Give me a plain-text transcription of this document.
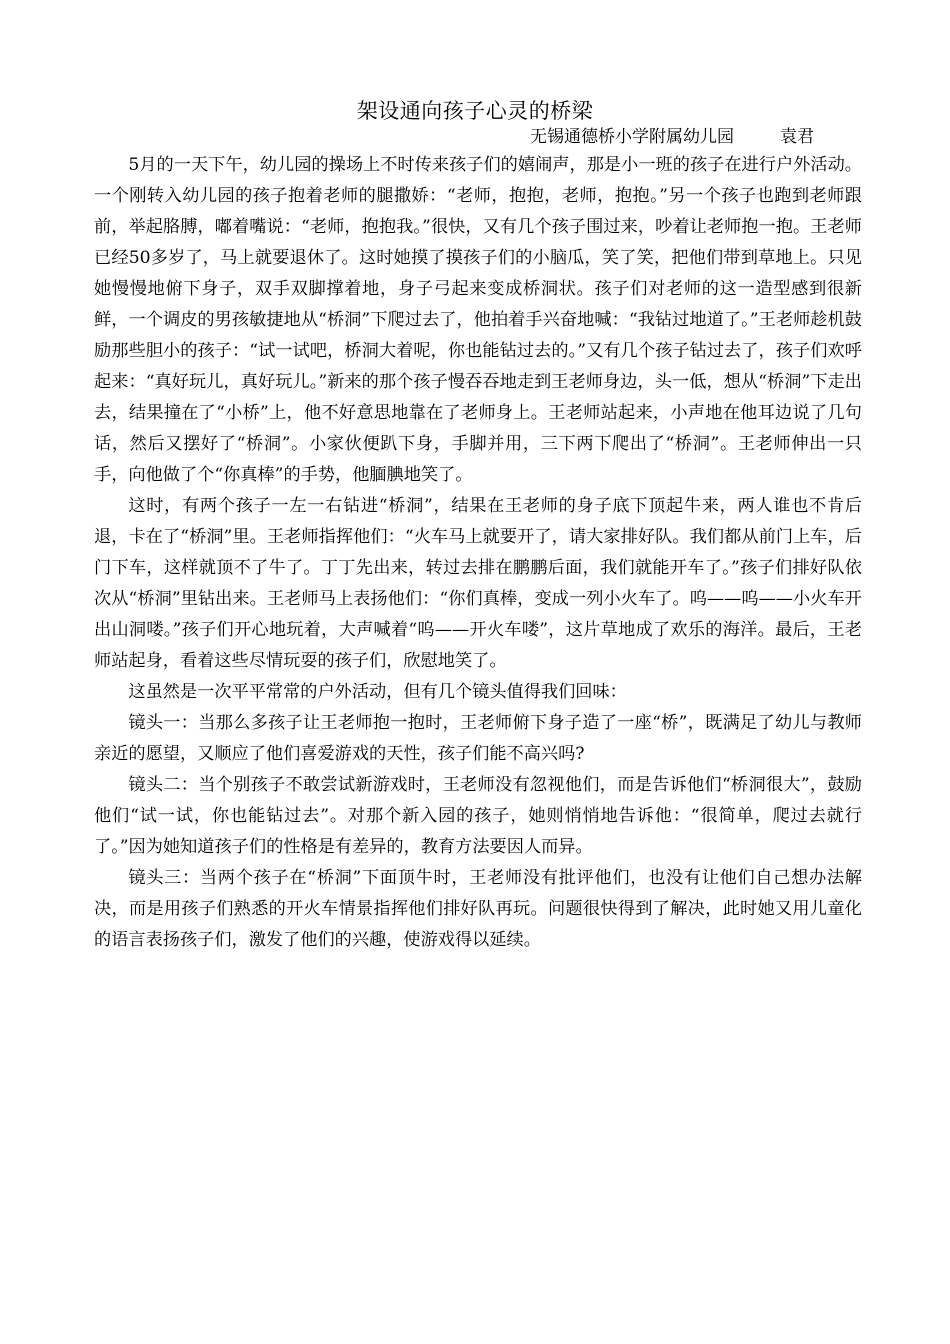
架设通向孩子心灵的桥梁
无锡通德桥小学附属幼儿园	袁君

5月的一天下午，幼儿园的操场上不时传来孩子们的嬉闹声，那是小一班的孩子在进行户外活动。一个刚转入幼儿园的孩子抱着老师的腿撒娇：“老师，抱抱，老师，抱抱。”另一个孩子也跑到老师跟前，举起胳膊，嘟着嘴说：“老师，抱抱我。”很快，又有几个孩子围过来，吵着让老师抱一抱。王老师已经50多岁了，马上就要退休了。这时她摸了摸孩子们的小脑瓜，笑了笑，把他们带到草地上。只见她慢慢地俯下身子，双手双脚撑着地，身子弓起来变成桥洞状。孩子们对老师的这一造型感到很新鲜，一个调皮的男孩敏捷地从“桥洞”下爬过去了，他拍着手兴奋地喊：“我钻过地道了。”王老师趁机鼓励那些胆小的孩子：“试一试吧，桥洞大着呢，你也能钻过去的。”又有几个孩子钻过去了，孩子们欢呼起来：“真好玩儿，真好玩儿。”新来的那个孩子慢吞吞地走到王老师身边，头一低，想从“桥洞”下走出去，结果撞在了“小桥”上，他不好意思地靠在了老师身上。王老师站起来，小声地在他耳边说了几句话，然后又摆好了“桥洞”。小家伙便趴下身，手脚并用，三下两下爬出了“桥洞”。王老师伸出一只手，向他做了个“你真棒”的手势，他腼腆地笑了。

这时，有两个孩子一左一右钻进“桥洞”，结果在王老师的身子底下顶起牛来，两人谁也不肯后退，卡在了“桥洞”里。王老师指挥他们：“火车马上就要开了，请大家排好队。我们都从前门上车，后门下车，这样就顶不了牛了。丁丁先出来，转过去排在鹏鹏后面，我们就能开车了。”孩子们排好队依次从“桥洞”里钻出来。王老师马上表扬他们：“你们真棒，变成一列小火车了。呜——呜——小火车开出山洞喽。”孩子们开心地玩着，大声喊着“呜——开火车喽”，这片草地成了欢乐的海洋。最后，王老师站起身，看着这些尽情玩耍的孩子们，欣慰地笑了。

这虽然是一次平平常常的户外活动，但有几个镜头值得我们回味：

镜头一：当那么多孩子让王老师抱一抱时，王老师俯下身子造了一座“桥”，既满足了幼儿与教师亲近的愿望，又顺应了他们喜爱游戏的天性，孩子们能不高兴吗?

镜头二：当个别孩子不敢尝试新游戏时，王老师没有忽视他们，而是告诉他们“桥洞很大”，鼓励他们“试一试，你也能钻过去”。对那个新入园的孩子，她则悄悄地告诉他：“很简单，爬过去就行了。”因为她知道孩子们的性格是有差异的，教育方法要因人而异。

镜头三：当两个孩子在“桥洞”下面顶牛时，王老师没有批评他们，也没有让他们自己想办法解决，而是用孩子们熟悉的开火车情景指挥他们排好队再玩。问题很快得到了解决，此时她又用儿童化的语言表扬孩子们，激发了他们的兴趣，使游戏得以延续。
